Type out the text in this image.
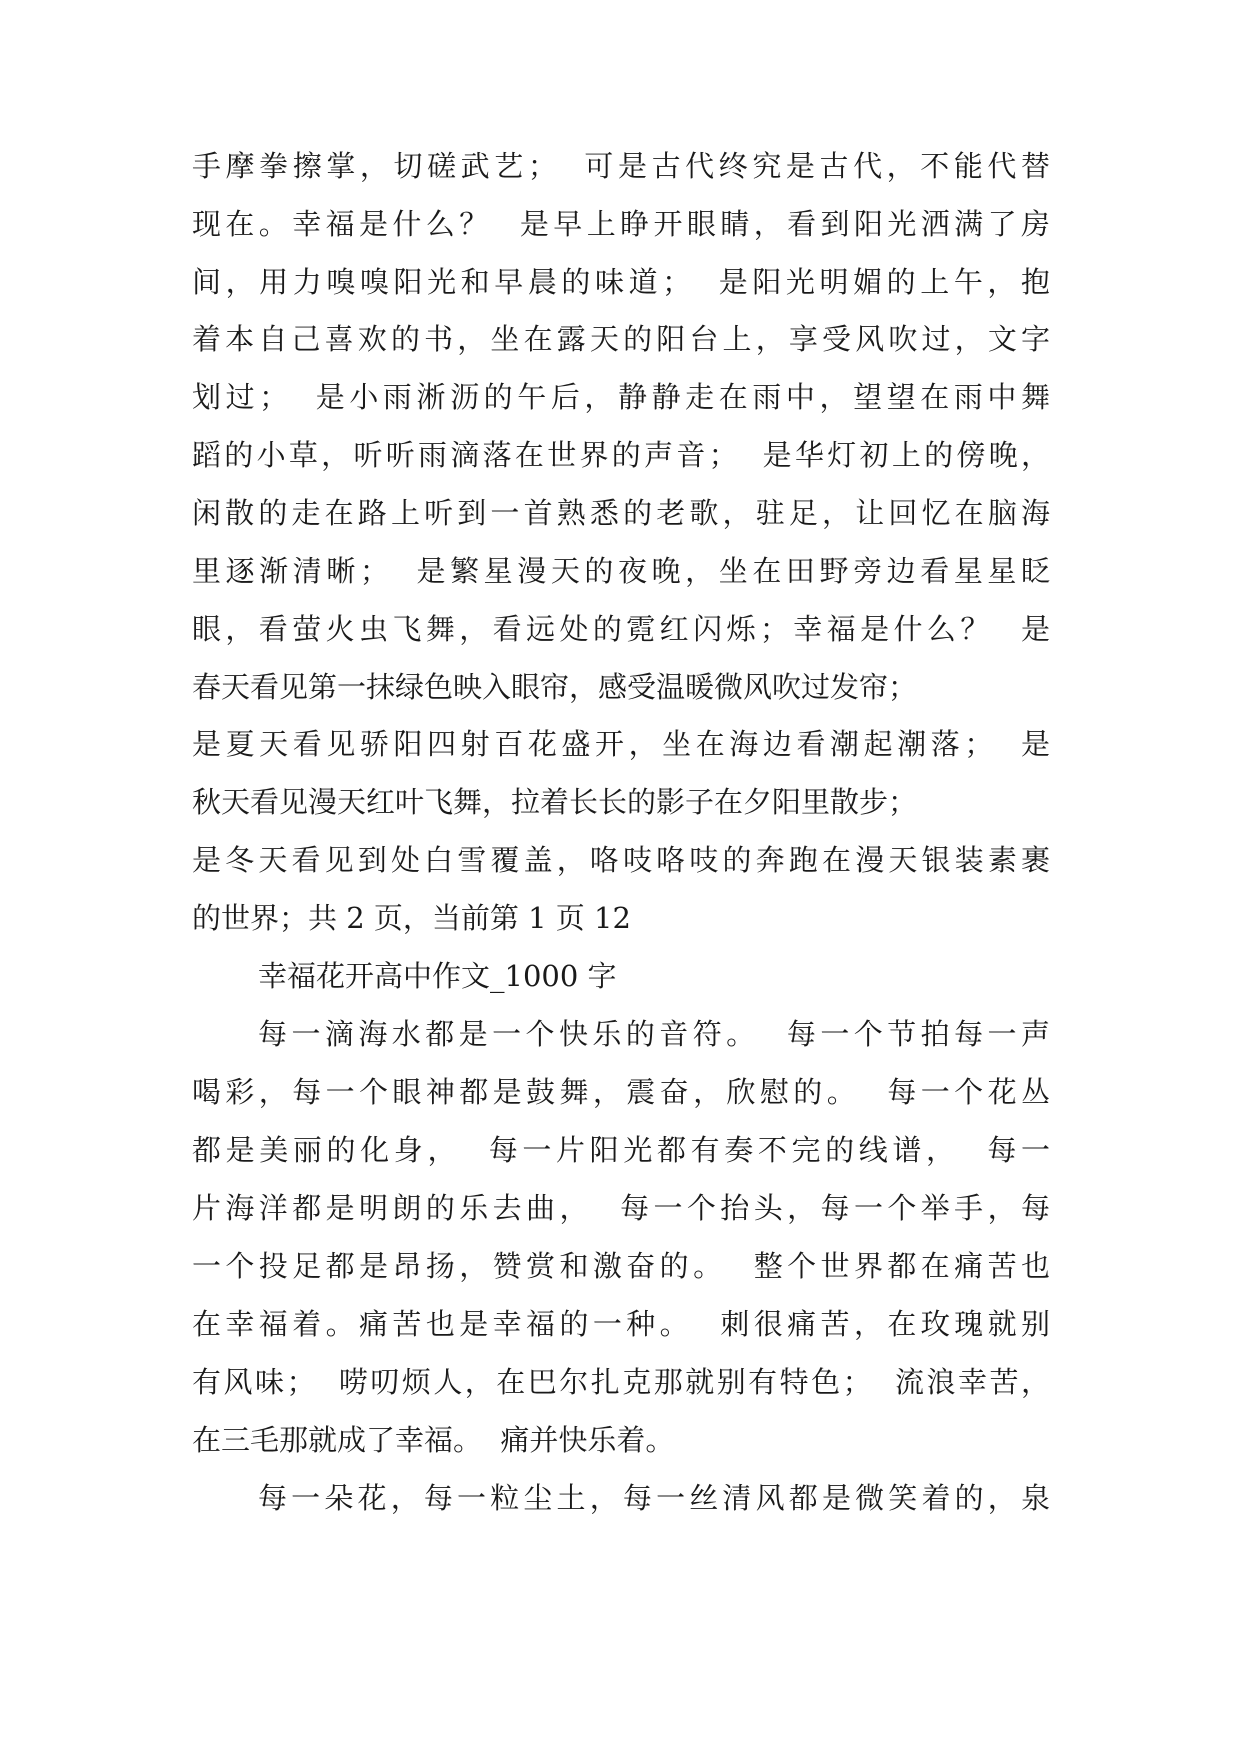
手摩拳擦掌，切磋武艺；  可是古代终究是古代，不能代替
现在。幸福是什么？  是早上睁开眼睛，看到阳光洒满了房
间，用力嗅嗅阳光和早晨的味道；  是阳光明媚的上午，抱
着本自己喜欢的书，坐在露天的阳台上，享受风吹过，文字
划过；  是小雨淅沥的午后，静静走在雨中，望望在雨中舞
蹈的小草，听听雨滴落在世界的声音；  是华灯初上的傍晚，
闲散的走在路上听到一首熟悉的老歌，驻足，让回忆在脑海
里逐渐清晰；  是繁星漫天的夜晚，坐在田野旁边看星星眨
眼，看萤火虫飞舞，看远处的霓红闪烁；幸福是什么？  是
春天看见第一抹绿色映入眼帘，感受温暖微风吹过发帘；
是夏天看见骄阳四射百花盛开，坐在海边看潮起潮落；  是
秋天看见漫天红叶飞舞，拉着长长的影子在夕阳里散步；
是冬天看见到处白雪覆盖，咯吱咯吱的奔跑在漫天银装素裹
的世界；共 2 页，当前第 1 页 12
幸福花开高中作文_1000 字
每一滴海水都是一个快乐的音符。  每一个节拍每一声
喝彩，每一个眼神都是鼓舞，震奋，欣慰的。  每一个花丛
都是美丽的化身，  每一片阳光都有奏不完的线谱，  每一
片海洋都是明朗的乐去曲，  每一个抬头，每一个举手，每
一个投足都是昂扬，赞赏和激奋的。  整个世界都在痛苦也
在幸福着。痛苦也是幸福的一种。  刺很痛苦，在玫瑰就别
有风味；  唠叨烦人，在巴尔扎克那就别有特色；  流浪幸苦，
在三毛那就成了幸福。  痛并快乐着。
每一朵花，每一粒尘土，每一丝清风都是微笑着的，泉
